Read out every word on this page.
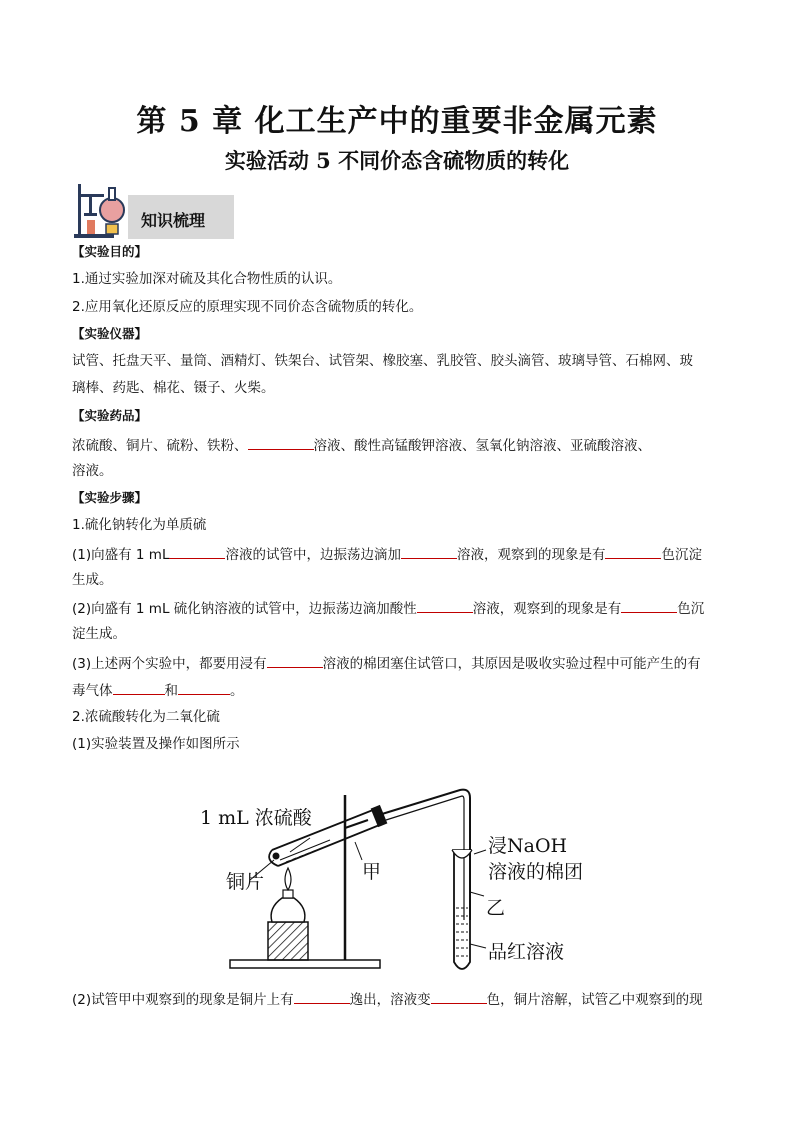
第 5 章 化工生产中的重要非金属元素
实验活动 5 不同价态含硫物质的转化
知识梳理
【实验目的】
1.通过实验加深对硫及其化合物性质的认识。
2.应用氧化还原反应的原理实现不同价态含硫物质的转化。
【实验仪器】
试管、托盘天平、量筒、酒精灯、铁架台、试管架、橡胶塞、乳胶管、胶头滴管、玻璃导管、石棉网、玻
璃棒、药匙、棉花、镊子、火柴。
【实验药品】
浓硫酸、铜片、硫粉、铁粉、	溶液、酸性高锰酸钾溶液、氢氧化钠溶液、亚硫酸溶液、
溶液。
【实验步骤】
1.硫化钠转化为单质硫
(1)向盛有 1 mL	溶液的试管中，边振荡边滴加	溶液，观察到的现象是有	色沉淀
生成。
(2)向盛有 1 mL 硫化钠溶液的试管中，边振荡边滴加酸性	溶液，观察到的现象是有	色沉
淀生成。
(3)上述两个实验中，都要用浸有	溶液的棉团塞住试管口，其原因是吸收实验过程中可能产生的有
毒气体	和	。
2.浓硫酸转化为二氧化硫
(1)实验装置及操作如图所示
1 mL 浓硫酸
铜片	甲
浸NaOH
溶液的棉团
乙
品红溶液
(2)试管甲中观察到的现象是铜片上有	逸出，溶液变	色，铜片溶解，试管乙中观察到的现
